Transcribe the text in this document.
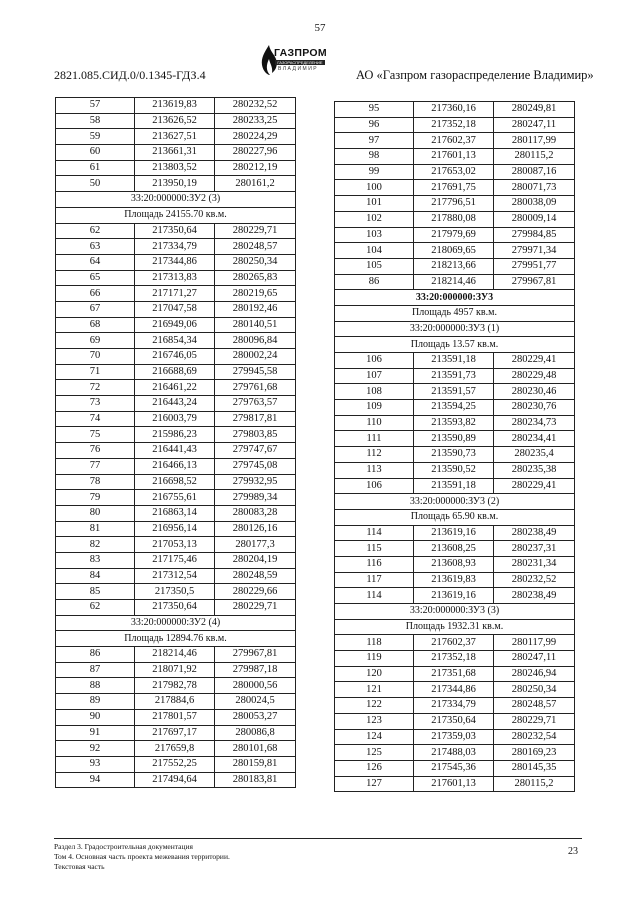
57
2821.085.СИД.0/0.1345-ГДЗ.4
ГАЗПРОМ
ГАЗОРАСПРЕДЕЛЕНИЕ
ВЛАДИМИР	АО «Газпром газораспределение Владимир»
57	213619,83	280232,52
58	213626,52	280233,25
59	213627,51	280224,29
60	213661,31	280227,96
61	213803,52	280212,19
50	213950,19	280161,2
33:20:000000:ЗУ2 (3)		
Площадь 24155.70 кв.м.		
62	217350,64	280229,71
63	217334,79	280248,57
64	217344,86	280250,34
65	217313,83	280265,83
66	217171,27	280219,65
67	217047,58	280192,46
68	216949,06	280140,51
69	216854,34	280096,84
70	216746,05	280002,24
71	216688,69	279945,58
72	216461,22	279761,68
73	216443,24	279763,57
74	216003,79	279817,81
75	215986,23	279803,85
76	216441,43	279747,67
77	216466,13	279745,08
78	216698,52	279932,95
79	216755,61	279989,34
80	216863,14	280083,28
81	216956,14	280126,16
82	217053,13	280177,3
83	217175,46	280204,19
84	217312,54	280248,59
85	217350,5	280229,66
62	217350,64	280229,71
33:20:000000:ЗУ2 (4)		
Площадь 12894.76 кв.м.		
86	218214,46	279967,81
87	218071,92	279987,18
88	217982,78	280000,56
89	217884,6	280024,5
90	217801,57	280053,27
91	217697,17	280086,8
92	217659,8	280101,68
93	217552,25	280159,81
94	217494,64	280183,81
95	217360,16	280249,81
96	217352,18	280247,11
97	217602,37	280117,99
98	217601,13	280115,2
99	217653,02	280087,16
100	217691,75	280071,73
101	217796,51	280038,09
102	217880,08	280009,14
103	217979,69	279984,85
104	218069,65	279971,34
105	218213,66	279951,77
86	218214,46	279967,81
33:20:000000:ЗУ3		
Площадь 4957 кв.м.		
33:20:000000:ЗУ3 (1)		
Площадь 13.57 кв.м.		
106	213591,18	280229,41
107	213591,73	280229,48
108	213591,57	280230,46
109	213594,25	280230,76
110	213593,82	280234,73
111	213590,89	280234,41
112	213590,73	280235,4
113	213590,52	280235,38
106	213591,18	280229,41
33:20:000000:ЗУ3 (2)		
Площадь 65.90 кв.м.		
114	213619,16	280238,49
115	213608,25	280237,31
116	213608,93	280231,34
117	213619,83	280232,52
114	213619,16	280238,49
33:20:000000:ЗУ3 (3)		
Площадь 1932.31 кв.м.		
118	217602,37	280117,99
119	217352,18	280247,11
120	217351,68	280246,94
121	217344,86	280250,34
122	217334,79	280248,57
123	217350,64	280229,71
124	217359,03	280232,54
125	217488,03	280169,23
126	217545,36	280145,35
127	217601,13	280115,2
Раздел 3. Градостроительная документация
Том 4. Основная часть проекта межевания территории.
Текстовая часть
23
